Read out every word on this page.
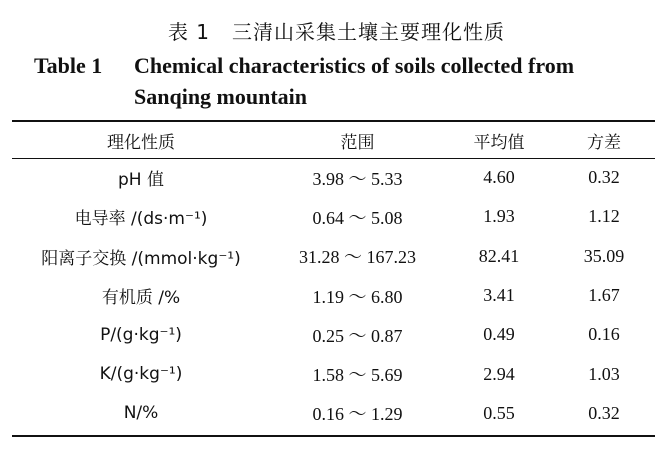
表 1 三清山采集土壤主要理化性质
Table 1 Chemical characteristics of soils collected from
Sanqing mountain
理化性质	范围	平均值	方差
pH 值	3.98 ～ 5.33	4.60	0.32
电导率 /(ds·m⁻¹)	0.64 ～ 5.08	1.93	1.12
阳离子交换 /(mmol·kg⁻¹)	31.28 ～ 167.23	82.41	35.09
有机质 /%	1.19 ～ 6.80	3.41	1.67
P/(g·kg⁻¹)	0.25 ～ 0.87	0.49	0.16
K/(g·kg⁻¹)	1.58 ～ 5.69	2.94	1.03
N/%	0.16 ～ 1.29	0.55	0.32
